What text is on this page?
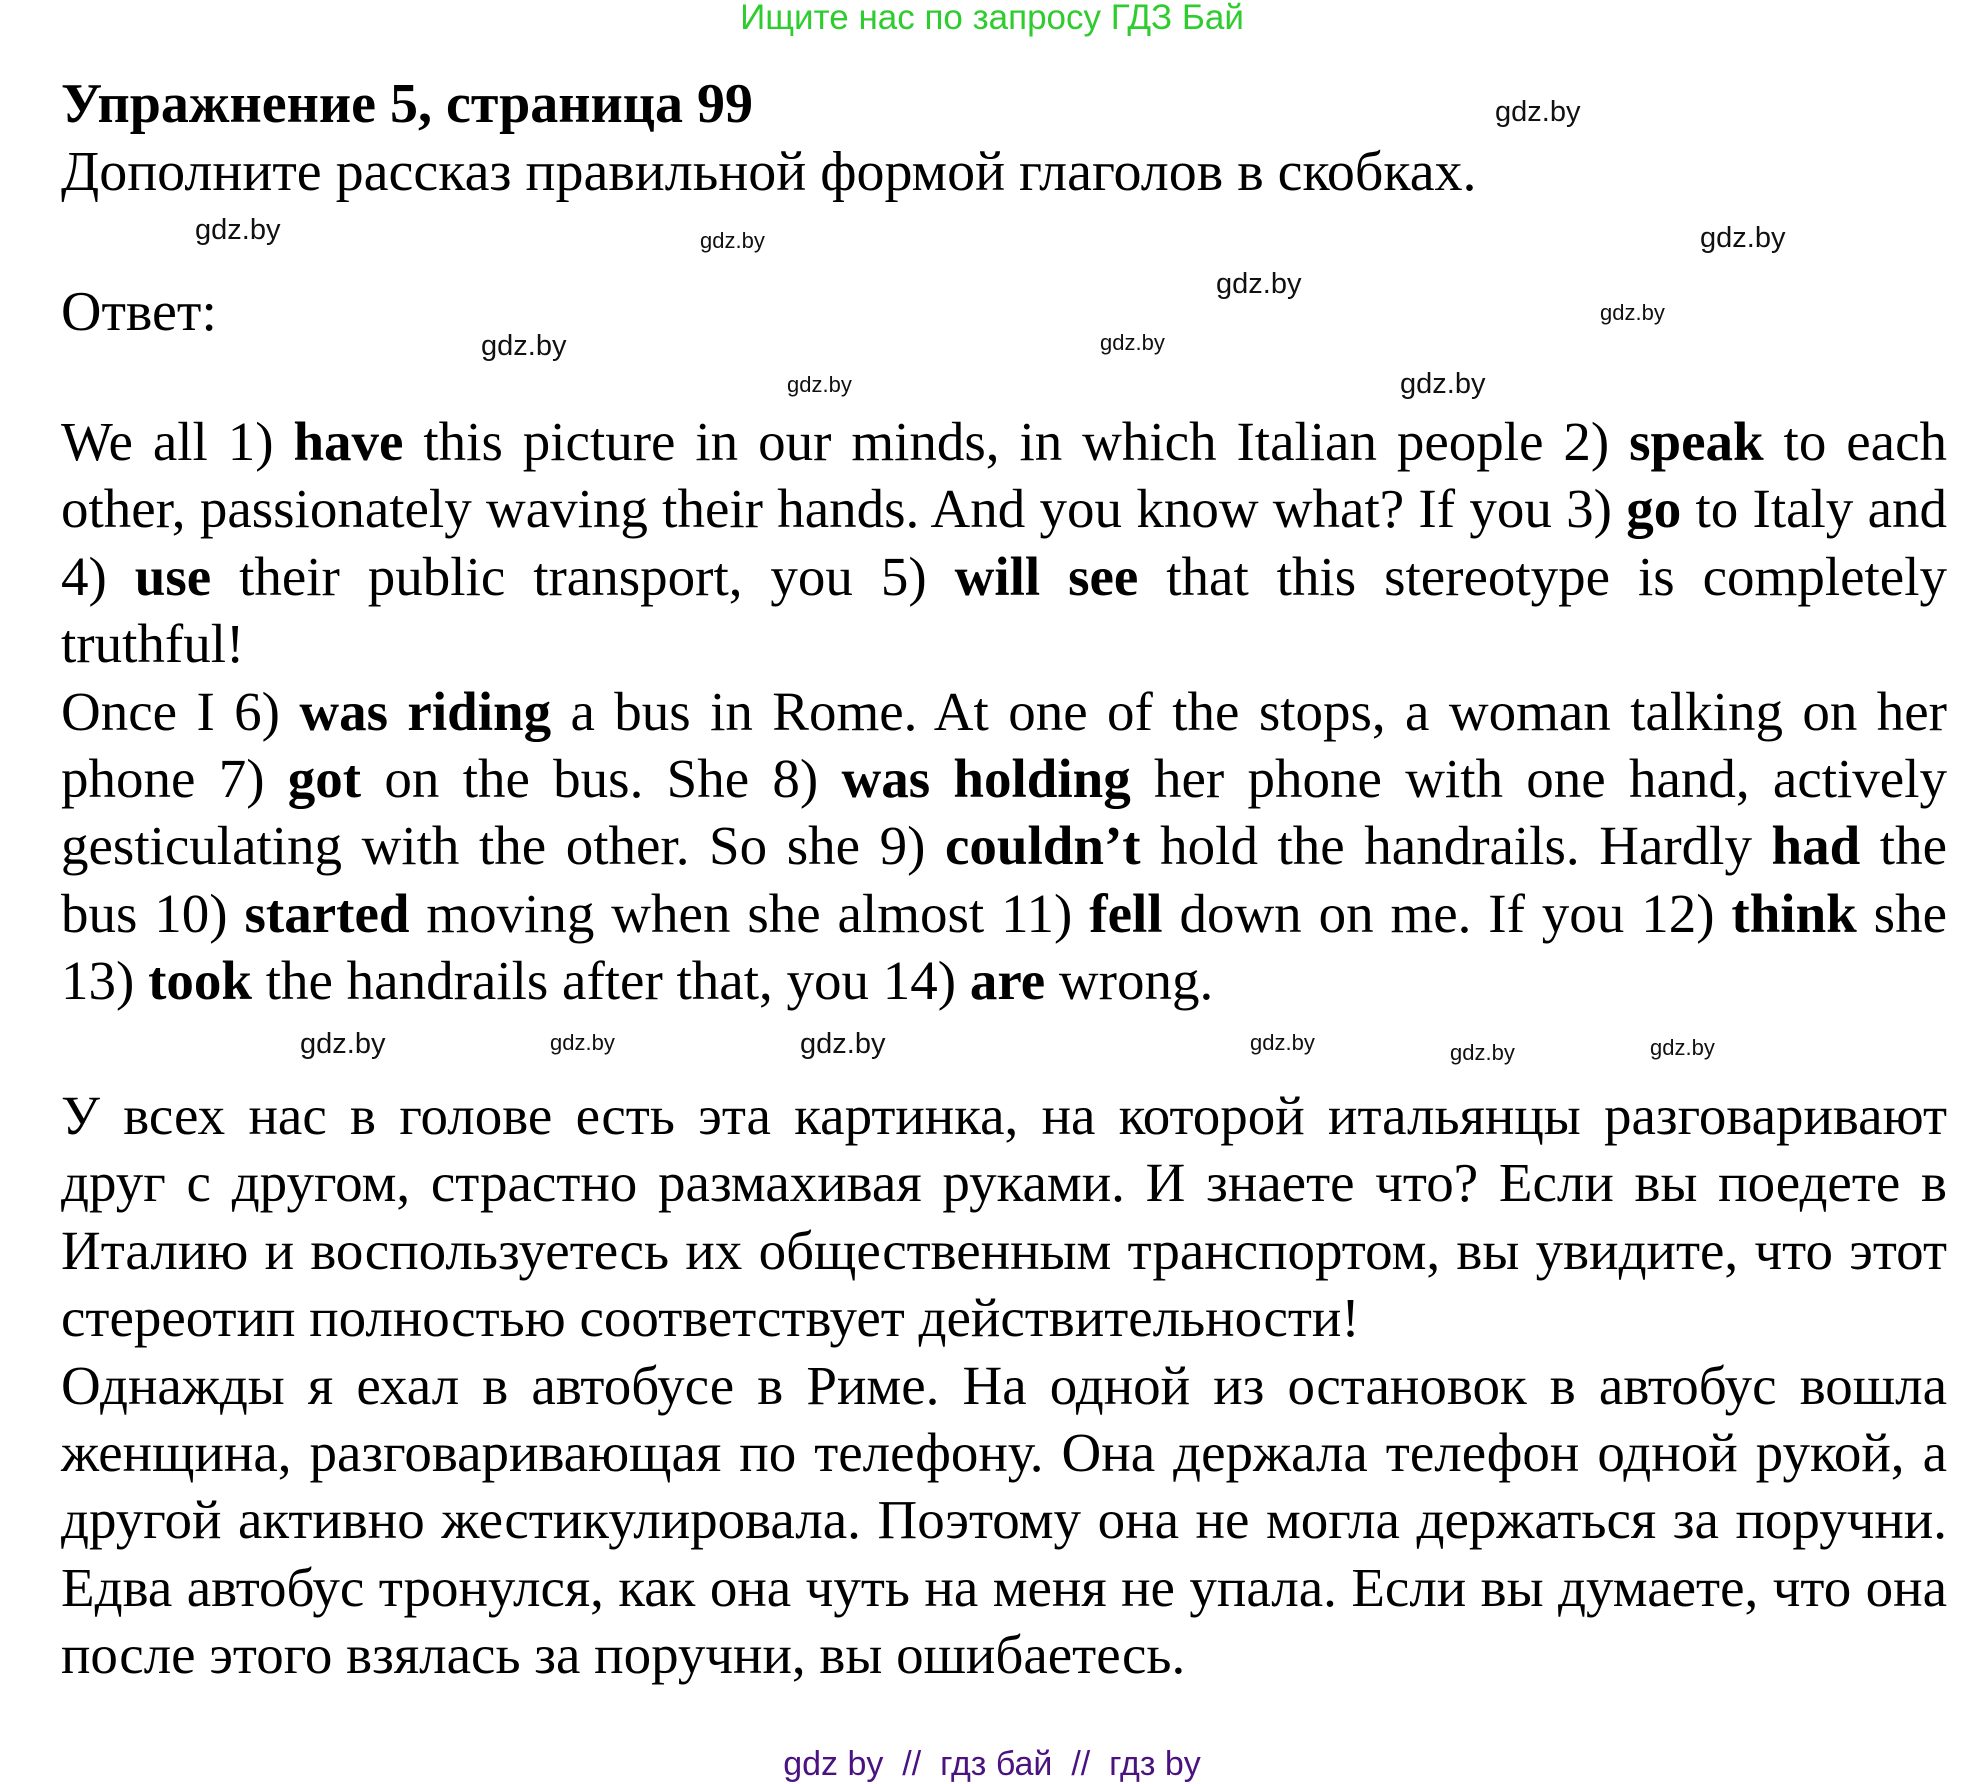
Ищите нас по запросу ГДЗ Бай
Упражнение 5, страница 99
Дополните рассказ правильной формой глаголов в скобках.
Ответ:

We all 1) have this picture in our minds, in which Italian people 2) speak to each other, passionately waving their hands. And you know what? If you 3) go to Italy and 4) use their public transport, you 5) will see that this stereotype is completely truthful!

Once I 6) was riding a bus in Rome. At one of the stops, a woman talking on her phone 7) got on the bus. She 8) was holding her phone with one hand, actively gesticulating with the other. So she 9) couldn’t hold the handrails. Hardly had the bus 10) started moving when she almost 11) fell down on me. If you 12) think she 13) took the handrails after that, you 14) are wrong.

У всех нас в голове есть эта картинка, на которой итальянцы разговаривают друг с другом, страстно размахивая руками. И знаете что? Если вы поедете в Италию и воспользуетесь их общественным транспортом, вы увидите, что этот стереотип полностью соответствует действительности!

Однажды я ехал в автобусе в Риме. На одной из остановок в автобус вошла женщина, разговаривающая по телефону. Она держала телефон одной рукой, а другой активно жестикулировала. Поэтому она не могла держаться за поручни. Едва автобус тронулся, как она чуть на меня не упала. Если вы думаете, что она после этого взялась за поручни, вы ошибаетесь.

gdz.by
gdz.by	gdz.by	gdz.by
gdz.by
gdz.by
gdz.by
gdz.by
gdz.by	gdz.by
gdz.by	gdz.by	gdz.by	gdz.by	gdz.by	gdz.by
gdz by  //  гдз бай  //  гдз by
